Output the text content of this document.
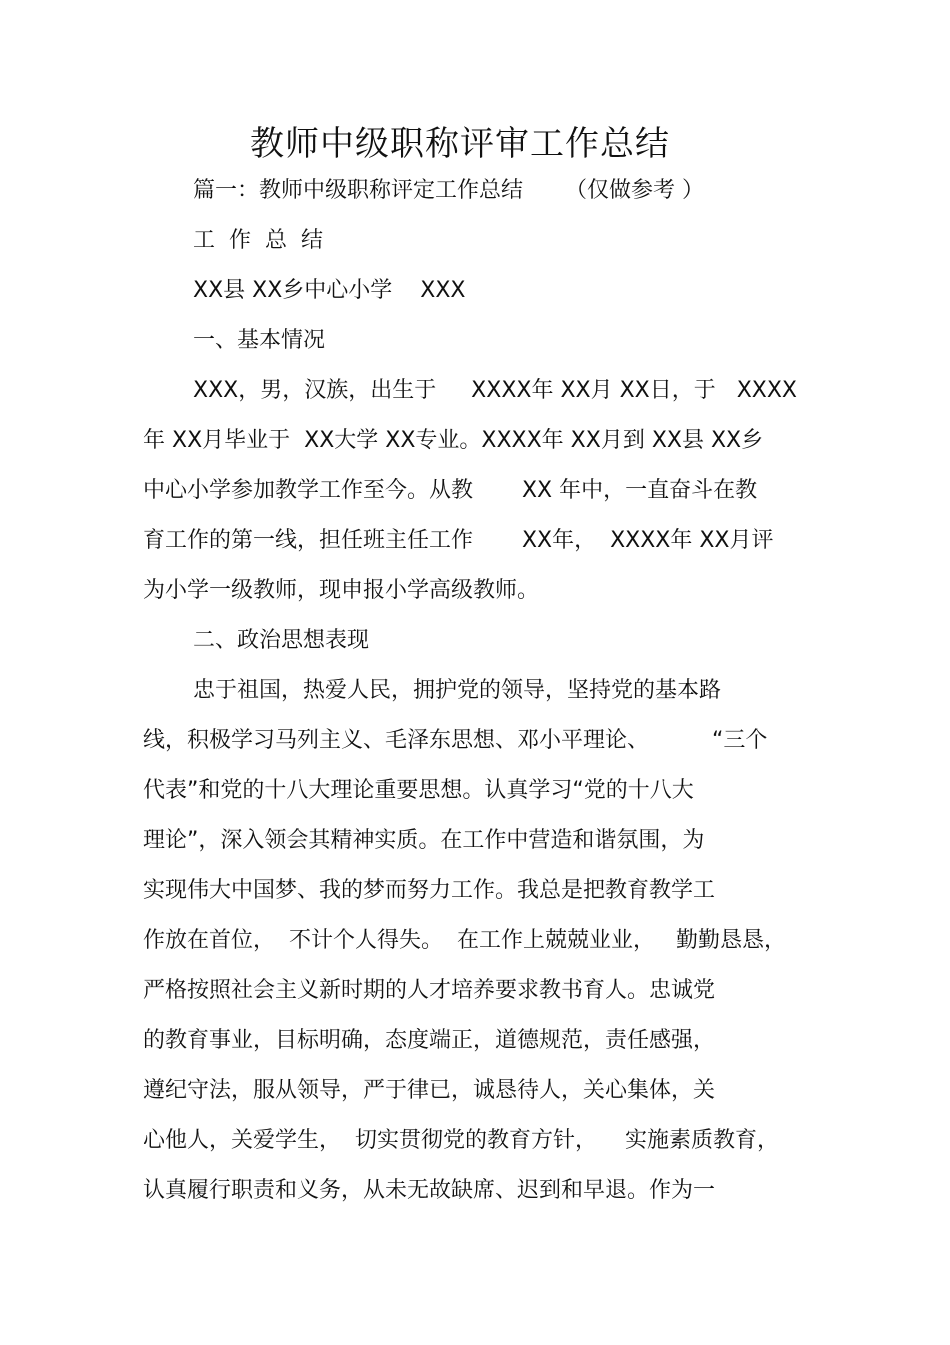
教师中级职称评审工作总结
篇一：教师中级职称评定工作总结      （仅做参考 ）
工  作  总  结
XX县 XX乡中心小学    XXX
一、基本情况
XXX，男，汉族，出生于     XXXX年 XX月 XX日，于   XXXX
年 XX月毕业于  XX大学 XX专业。XXXX年 XX月到 XX县 XX乡
中心小学参加教学工作至今。从教       XX 年中，一直奋斗在教
育工作的第一线，担任班主任工作       XX年，  XXXX年 XX月评
为小学一级教师，现申报小学高级教师。
二、政治思想表现
忠于祖国，热爱人民，拥护党的领导，坚持党的基本路
线，积极学习马列主义、毛泽东思想、邓小平理论、         “三个
代表”和党的十八大理论重要思想。认真学习“党的十八大
理论”，深入领会其精神实质。在工作中营造和谐氛围，为
实现伟大中国梦、我的梦而努力工作。我总是把教育教学工
作放在首位，  不计个人得失。  在工作上兢兢业业，   勤勤恳恳，
严格按照社会主义新时期的人才培养要求教书育人。忠诚党
的教育事业，目标明确，态度端正，道德规范，责任感强，
遵纪守法，服从领导，严于律已，诚恳待人，关心集体，关
心他人，关爱学生，  切实贯彻党的教育方针，    实施素质教育，
认真履行职责和义务，从未无故缺席、迟到和早退。作为一
